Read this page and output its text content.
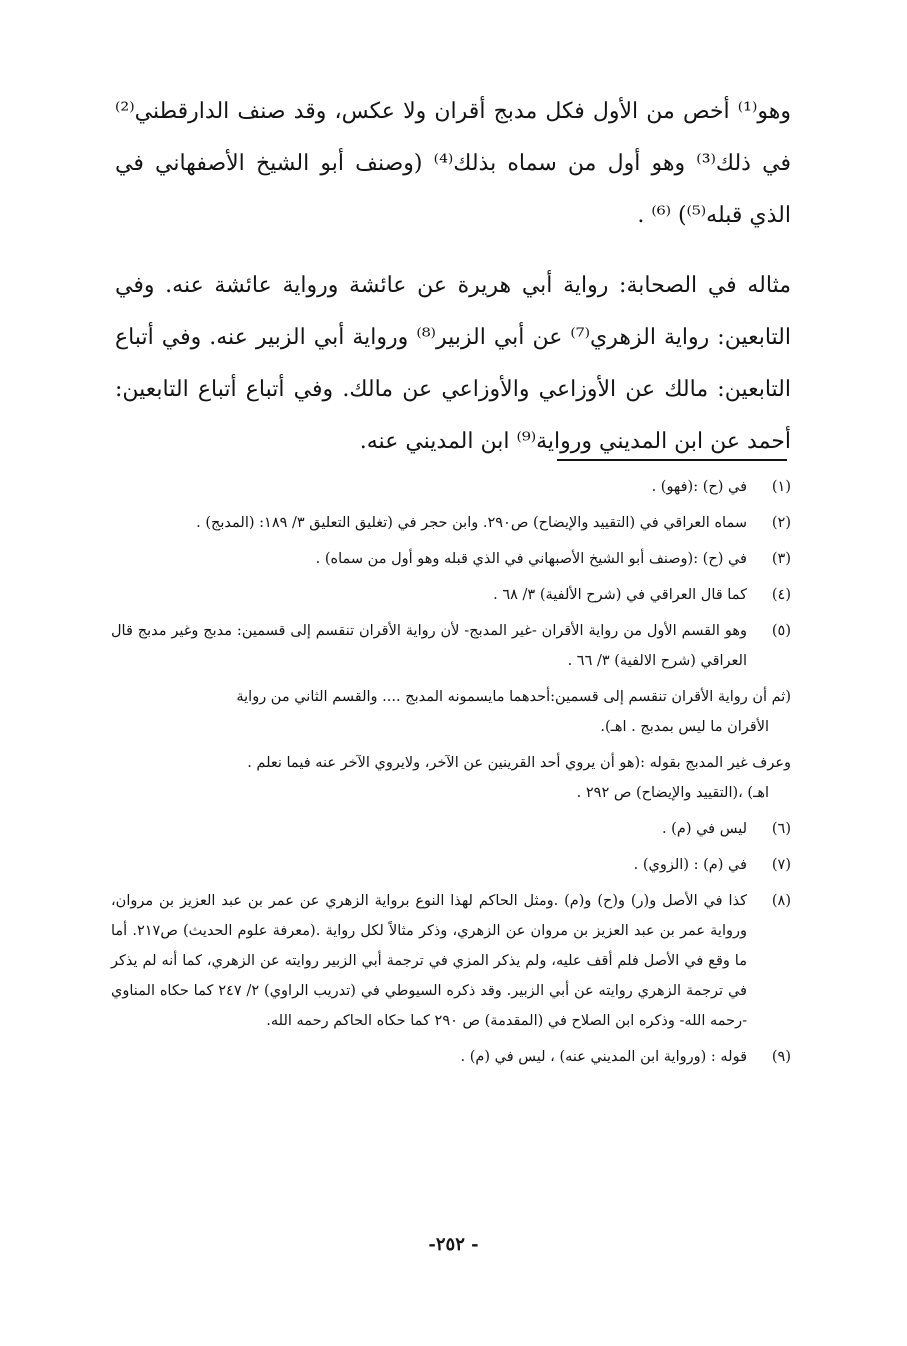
وهو⁽¹⁾ أخص من الأول فكل مدبج أقران ولا عكس، وقد صنف الدارقطني⁽²⁾ في ذلك⁽³⁾ وهو أول من سماه بذلك⁽⁴⁾ (وصنف أبو الشيخ الأصفهاني في الذي قبله⁽⁵⁾) ⁽⁶⁾ .

مثاله في الصحابة: رواية أبي هريرة عن عائشة ورواية عائشة عنه. وفي التابعين: رواية الزهري⁽⁷⁾ عن أبي الزبير⁽⁸⁾ ورواية أبي الزبير عنه. وفي أتباع التابعين: مالك عن الأوزاعي والأوزاعي عن مالك. وفي أتباع أتباع التابعين: أحمد عن ابن المديني ورواية⁽⁹⁾ ابن المديني عنه.

(١)
في (ح) :(فهو) .
(٢)
سماه العراقي في (التقييد والإيضاح) ص٢٩٠. وابن حجر في (تغليق التعليق ٣/ ١٨٩: (المدبج) .
(٣)
في (ح) :(وصنف أبو الشيخ الأصبهاني في الذي قبله وهو أول من سماه) .
(٤)
كما قال العراقي في (شرح الألفية) ٣/ ٦٨ .
(٥)
وهو القسم الأول من رواية الأقران -غير المدبج- لأن رواية الأقران تنقسم إلى قسمين: مدبج وغير مدبج قال العراقي (شرح الالفية) ٣/ ٦٦ .
(ثم أن رواية الأقران تنقسم إلى قسمين:أحدهما مايسمونه المدبج .... والقسم الثاني من رواية
الأقران ما ليس بمدبج . اهـ).
وعرف غير المدبج بقوله :(هو أن يروي أحد القرينين عن الآخر، ولايروي الآخر عنه فيما نعلم .
اهـ) ،(التقييد والإيضاح) ص ٢٩٢ .
(٦)
ليس في (م) .
(٧)
في (م) : (الزوي) .
(٨)
كذا في الأصل و(ر) و(ح) و(م) .ومثل الحاكم لهذا النوع برواية الزهري عن عمر بن عبد العزيز بن مروان، ورواية عمر بن عبد العزيز بن مروان عن الزهري، وذكر مثالاً لكل رواية .(معرفة علوم الحديث) ص٢١٧. أما ما وقع في الأصل فلم أقف عليه، ولم يذكر المزي في ترجمة أبي الزبير روايته عن الزهري، كما أنه لم يذكر في ترجمة الزهري روايته عن أبي الزبير. وقد ذكره السيوطي في (تدريب الراوي) ٢/ ٢٤٧ كما حكاه المناوي -رحمه الله- وذكره ابن الصلاح في (المقدمة) ص ٢٩٠ كما حكاه الحاكم رحمه الله.
(٩)
قوله : (ورواية ابن المديني عنه) ، ليس في (م) .
- ٢٥٢-
